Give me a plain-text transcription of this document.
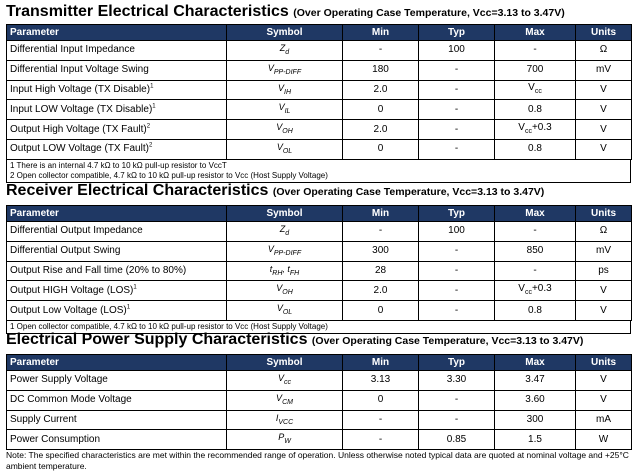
Transmitter Electrical Characteristics (Over Operating Case Temperature, Vcc=3.13 to 3.47V)
Parameter	Symbol	Min	Typ	Max	Units
Differential Input Impedance	$Z_d$	-	100	-	Ω
Differential Input Voltage Swing	$V_{PP-DIFF}$	180	-	700	mV
Input High Voltage (TX Disable)$^1$	$V_{IH}$	2.0	-	$V_{cc}$	V
Input LOW Voltage (TX Disable)$^1$	$V_{IL}$	0	-	0.8	V
Output High Voltage (TX Fault)$^2$	$V_{OH}$	2.0	-	$V_{cc}+0.3$	V
Output LOW Voltage (TX Fault)$^2$	$V_{OL}$	0	-	0.8	V
1 There is an internal 4.7 kΩ to 10 kΩ pull-up resistor to VccT
2 Open collector compatible, 4.7 kΩ to 10 kΩ pull-up resistor to Vcc (Host Supply Voltage)
Receiver Electrical Characteristics (Over Operating Case Temperature, Vcc=3.13 to 3.47V)
Parameter	Symbol	Min	Typ	Max	Units
Differential Output Impedance	$Z_d$	-	100	-	Ω
Differential Output Swing	$V_{PP-DIFF}$	300	-	850	mV
Output Rise and Fall time (20% to 80%)	$t_{RH}$, $t_{FH}$	28	-	-	ps
Output HIGH Voltage (LOS)$^1$	$V_{OH}$	2.0	-	$V_{cc}+0.3$	V
Output Low Voltage (LOS)$^1$	$V_{OL}$	0	-	0.8	V
1 Open collector compatible, 4.7 kΩ to 10 kΩ pull-up resistor to Vcc (Host Supply Voltage)
Electrical Power Supply Characteristics (Over Operating Case Temperature, Vcc=3.13 to 3.47V)
Parameter	Symbol	Min	Typ	Max	Units
Power Supply Voltage	$V_{cc}$	3.13	3.30	3.47	V
DC Common Mode Voltage	$V_{CM}$	0	-	3.60	V
Supply Current	$I_{VCC}$	-	-	300	mA
Power Consumption	$P_W$	-	0.85	1.5	W
Note: The specified characteristics are met within the recommended range of operation. Unless otherwise noted typical data are quoted at nominal voltage and +25°C ambient temperature.
